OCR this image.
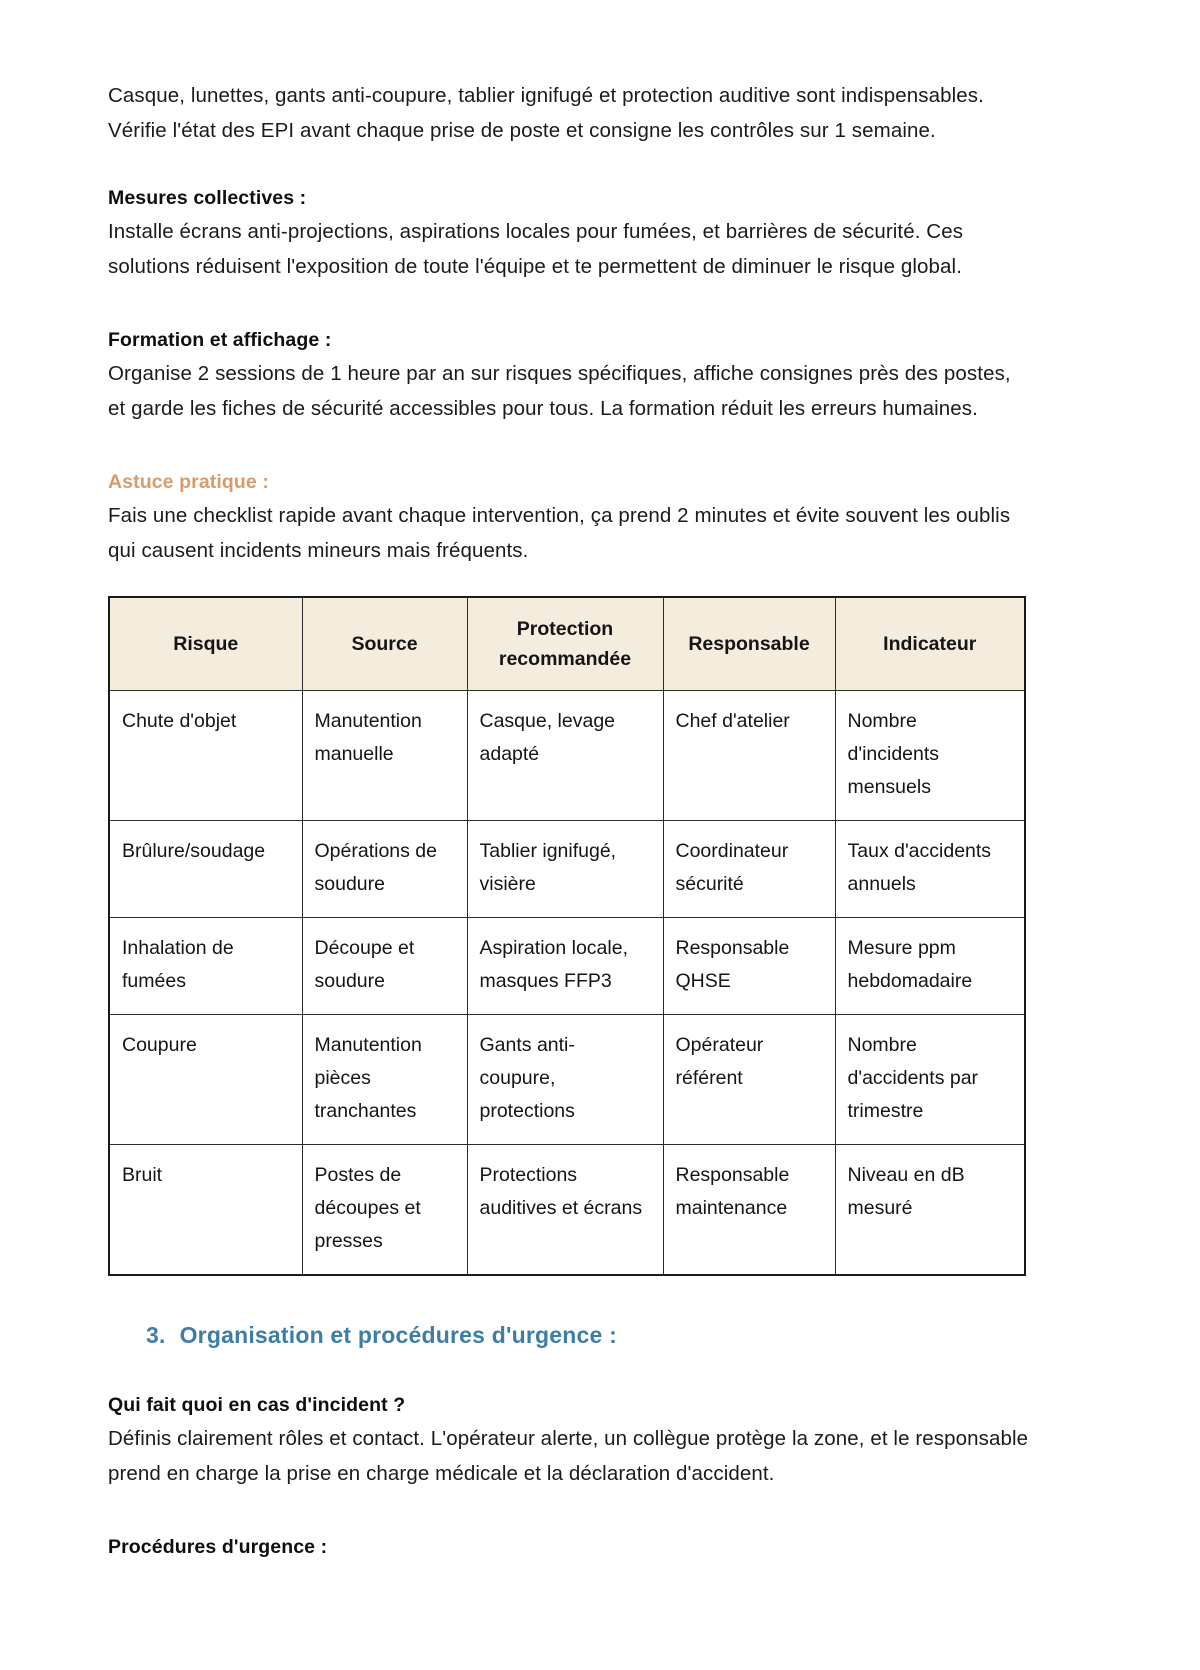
Casque, lunettes, gants anti-coupure, tablier ignifugé et protection auditive sont indispensables. Vérifie l'état des EPI avant chaque prise de poste et consigne les contrôles sur 1 semaine.

Mesures collectives :

Installe écrans anti-projections, aspirations locales pour fumées, et barrières de sécurité. Ces solutions réduisent l'exposition de toute l'équipe et te permettent de diminuer le risque global.

Formation et affichage :

Organise 2 sessions de 1 heure par an sur risques spécifiques, affiche consignes près des postes, et garde les fiches de sécurité accessibles pour tous. La formation réduit les erreurs humaines.

Astuce pratique :

Fais une checklist rapide avant chaque intervention, ça prend 2 minutes et évite souvent les oublis qui causent incidents mineurs mais fréquents.

Risque	Source	Protection recommandée	Responsable	Indicateur
Chute d'objet	Manutention manuelle	Casque, levage adapté	Chef d'atelier	Nombre d'incidents mensuels
Brûlure/soudage	Opérations de soudure	Tablier ignifugé, visière	Coordinateur sécurité	Taux d'accidents annuels
Inhalation de fumées	Découpe et soudure	Aspiration locale, masques FFP3	Responsable QHSE	Mesure ppm hebdomadaire
Coupure	Manutention pièces tranchantes	Gants anti-coupure, protections	Opérateur référent	Nombre d'accidents par trimestre
Bruit	Postes de découpes et presses	Protections auditives et écrans	Responsable maintenance	Niveau en dB mesuré
3. Organisation et procédures d'urgence :
Qui fait quoi en cas d'incident ?

Définis clairement rôles et contact. L'opérateur alerte, un collègue protège la zone, et le responsable prend en charge la prise en charge médicale et la déclaration d'accident.

Procédures d'urgence :
